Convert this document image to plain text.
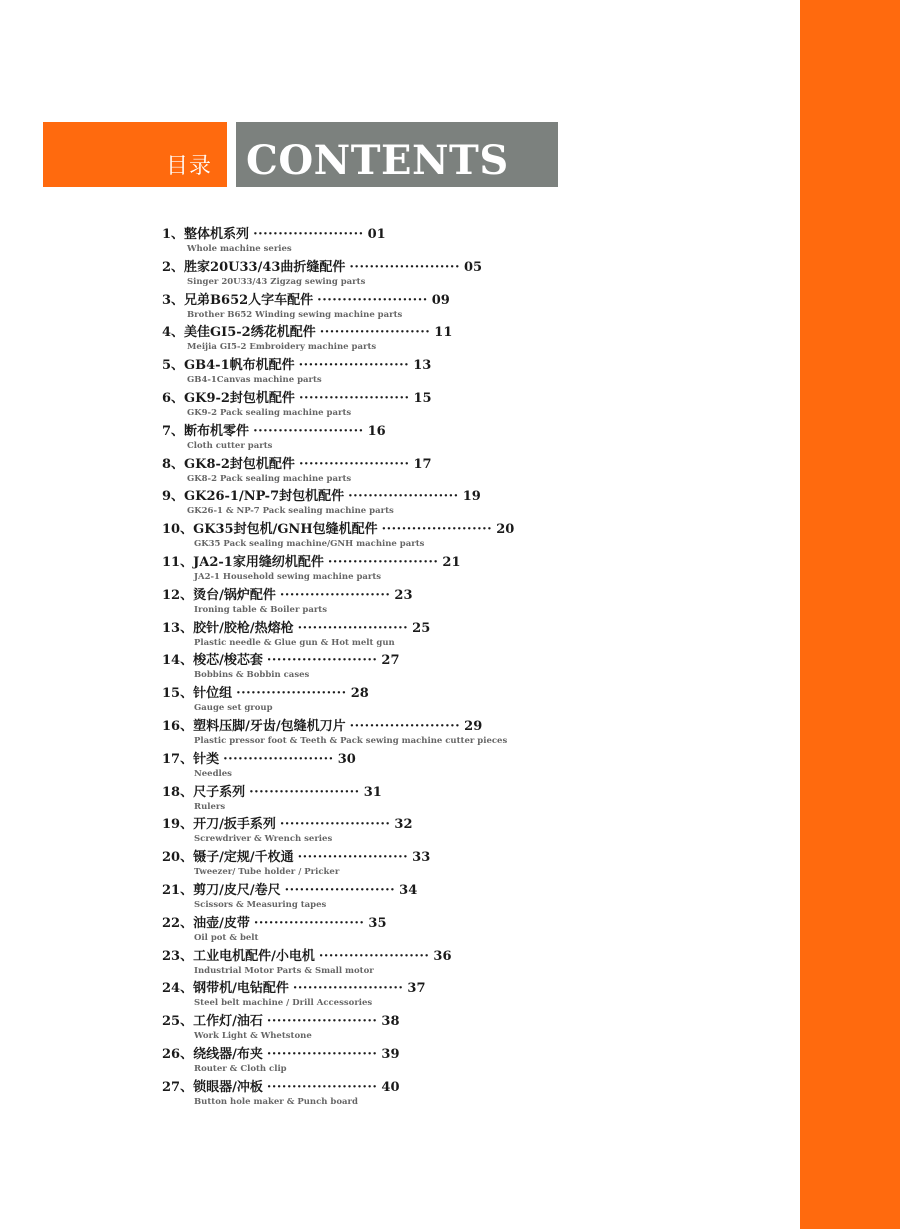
目录 CONTENTS
1、整体机系列 ······················ 01
Whole machine series
2、胜家20U33/43曲折缝配件 ······················ 05
Singer 20U33/43 Zigzag sewing parts
3、兄弟B652人字车配件 ······················ 09
Brother B652 Winding sewing machine parts
4、美佳GI5-2绣花机配件 ······················ 11
Meijia GI5-2 Embroidery machine parts
5、GB4-1帆布机配件 ······················ 13
GB4-1Canvas machine parts
6、GK9-2封包机配件 ······················ 15
GK9-2 Pack sealing machine parts
7、断布机零件 ······················ 16
Cloth cutter parts
8、GK8-2封包机配件 ······················ 17
GK8-2 Pack sealing machine parts
9、GK26-1/NP-7封包机配件 ······················ 19
GK26-1 & NP-7 Pack sealing machine parts
10、GK35封包机/GNH包缝机配件 ······················ 20
GK35 Pack sealing machine/GNH machine parts
11、JA2-1家用缝纫机配件 ······················ 21
JA2-1 Household sewing machine parts
12、烫台/锅炉配件 ······················ 23
Ironing table & Boiler parts
13、胶针/胶枪/热熔枪 ······················ 25
Plastic needle & Glue gun & Hot melt gun
14、梭芯/梭芯套 ······················ 27
Bobbins & Bobbin cases
15、针位组 ······················ 28
Gauge set group
16、塑料压脚/牙齿/包缝机刀片 ······················ 29
Plastic pressor foot & Teeth & Pack sewing machine cutter pieces
17、针类 ······················ 30
Needles
18、尺子系列 ······················ 31
Rulers
19、开刀/扳手系列 ······················ 32
Screwdriver & Wrench series
20、镊子/定规/千枚通 ······················ 33
Tweezer/ Tube holder / Pricker
21、剪刀/皮尺/卷尺 ······················ 34
Scissors & Measuring tapes
22、油壶/皮带 ······················ 35
Oil pot & belt
23、工业电机配件/小电机 ······················ 36
Industrial Motor Parts & Small motor
24、钢带机/电钻配件 ······················ 37
Steel belt machine / Drill Accessories
25、工作灯/油石 ······················ 38
Work Light & Whetstone
26、绕线器/布夹 ······················ 39
Router & Cloth clip
27、锁眼器/冲板 ······················ 40
Button hole maker & Punch board
